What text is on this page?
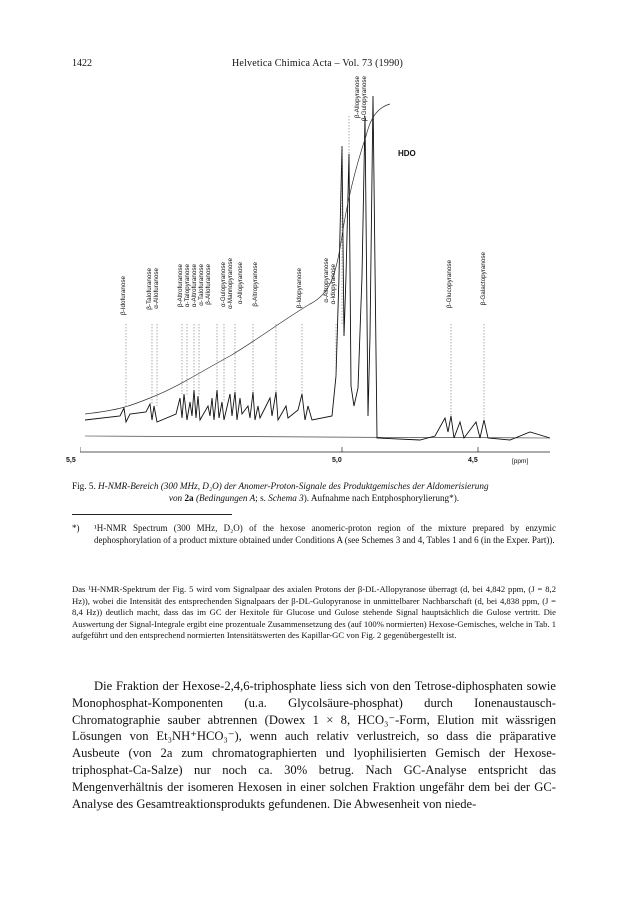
1422	Helvetica Chimica Acta – Vol. 73 (1990)
β-Idofuranose	β-Talofuranose α-Allofuranose	β-Altrofuranose α-Talopyranose α-Altrofuranose α-Talofuranose β-Allofuranose α-Gulopyranose α-Mannopyranose α-Allopyranose β-Altropyranose	β-Idopyranose	α-Altropyranose α-Idopyranose
β-Allopyranose β-Gulopyranose
β-Glucopyranose	β-Galactopyranose
HDO
5,5	5,0	4,5	[ppm]
Fig. 5. H-NMR-Bereich (300 MHz, D₂O) der Anomer-Proton-Signale des Produktgemisches der Aldomerisierung
von 2a (Bedingungen A; s. Schema 3). Aufnahme nach Entphosphorylierung*).
*) ¹H-NMR Spectrum (300 MHz, D₂O) of the hexose anomeric-proton region of the mixture prepared by enzymic dephosphorylation of a product mixture obtained under Conditions A (see Schemes 3 and 4, Tables 1 and 6 (in the Exper. Part)).
Das ¹H-NMR-Spektrum der Fig. 5 wird vom Signalpaar des axialen Protons der β-DL-Allopyranose überragt (d, bei 4,842 ppm, (J = 8,2 Hz)), wobei die Intensität des entsprechenden Signalpaars der β-DL-Gulopyranose in unmittelbarer Nachbarschaft (d, bei 4,838 ppm, (J = 8,4 Hz)) deutlich macht, dass das im GC der Hexitole für Glucose und Gulose stehende Signal hauptsächlich die Gulose vertritt. Die Auswertung der Signal-Integrale ergibt eine prozentuale Zusammensetzung des (auf 100% normierten) Hexose-Gemisches, welche in Tab. 1 aufgeführt und den entsprechend normierten Intensitätswerten des Kapillar-GC von Fig. 2 gegenübergestellt ist.
Die Fraktion der Hexose-2,4,6-triphosphate liess sich von den Tetrose-diphosphaten sowie Monophosphat-Komponenten (u.a. Glycolsäure-phosphat) durch Ionenaustausch-Chromatographie sauber abtrennen (Dowex 1 × 8, HCO₃⁻-Form, Elution mit wässrigen Lösungen von Et₃NH⁺HCO₃⁻), wenn auch relativ verlustreich, so dass die präparative Ausbeute (von 2a zum chromatographierten und lyophilisierten Gemisch der Hexose-triphosphat-Ca-Salze) nur noch ca. 30% betrug. Nach GC-Analyse entspricht das Mengenverhältnis der isomeren Hexosen in einer solchen Fraktion ungefähr dem bei der GC-Analyse des Gesamtreaktionsprodukts gefundenen. Die Abwesenheit von niede-
